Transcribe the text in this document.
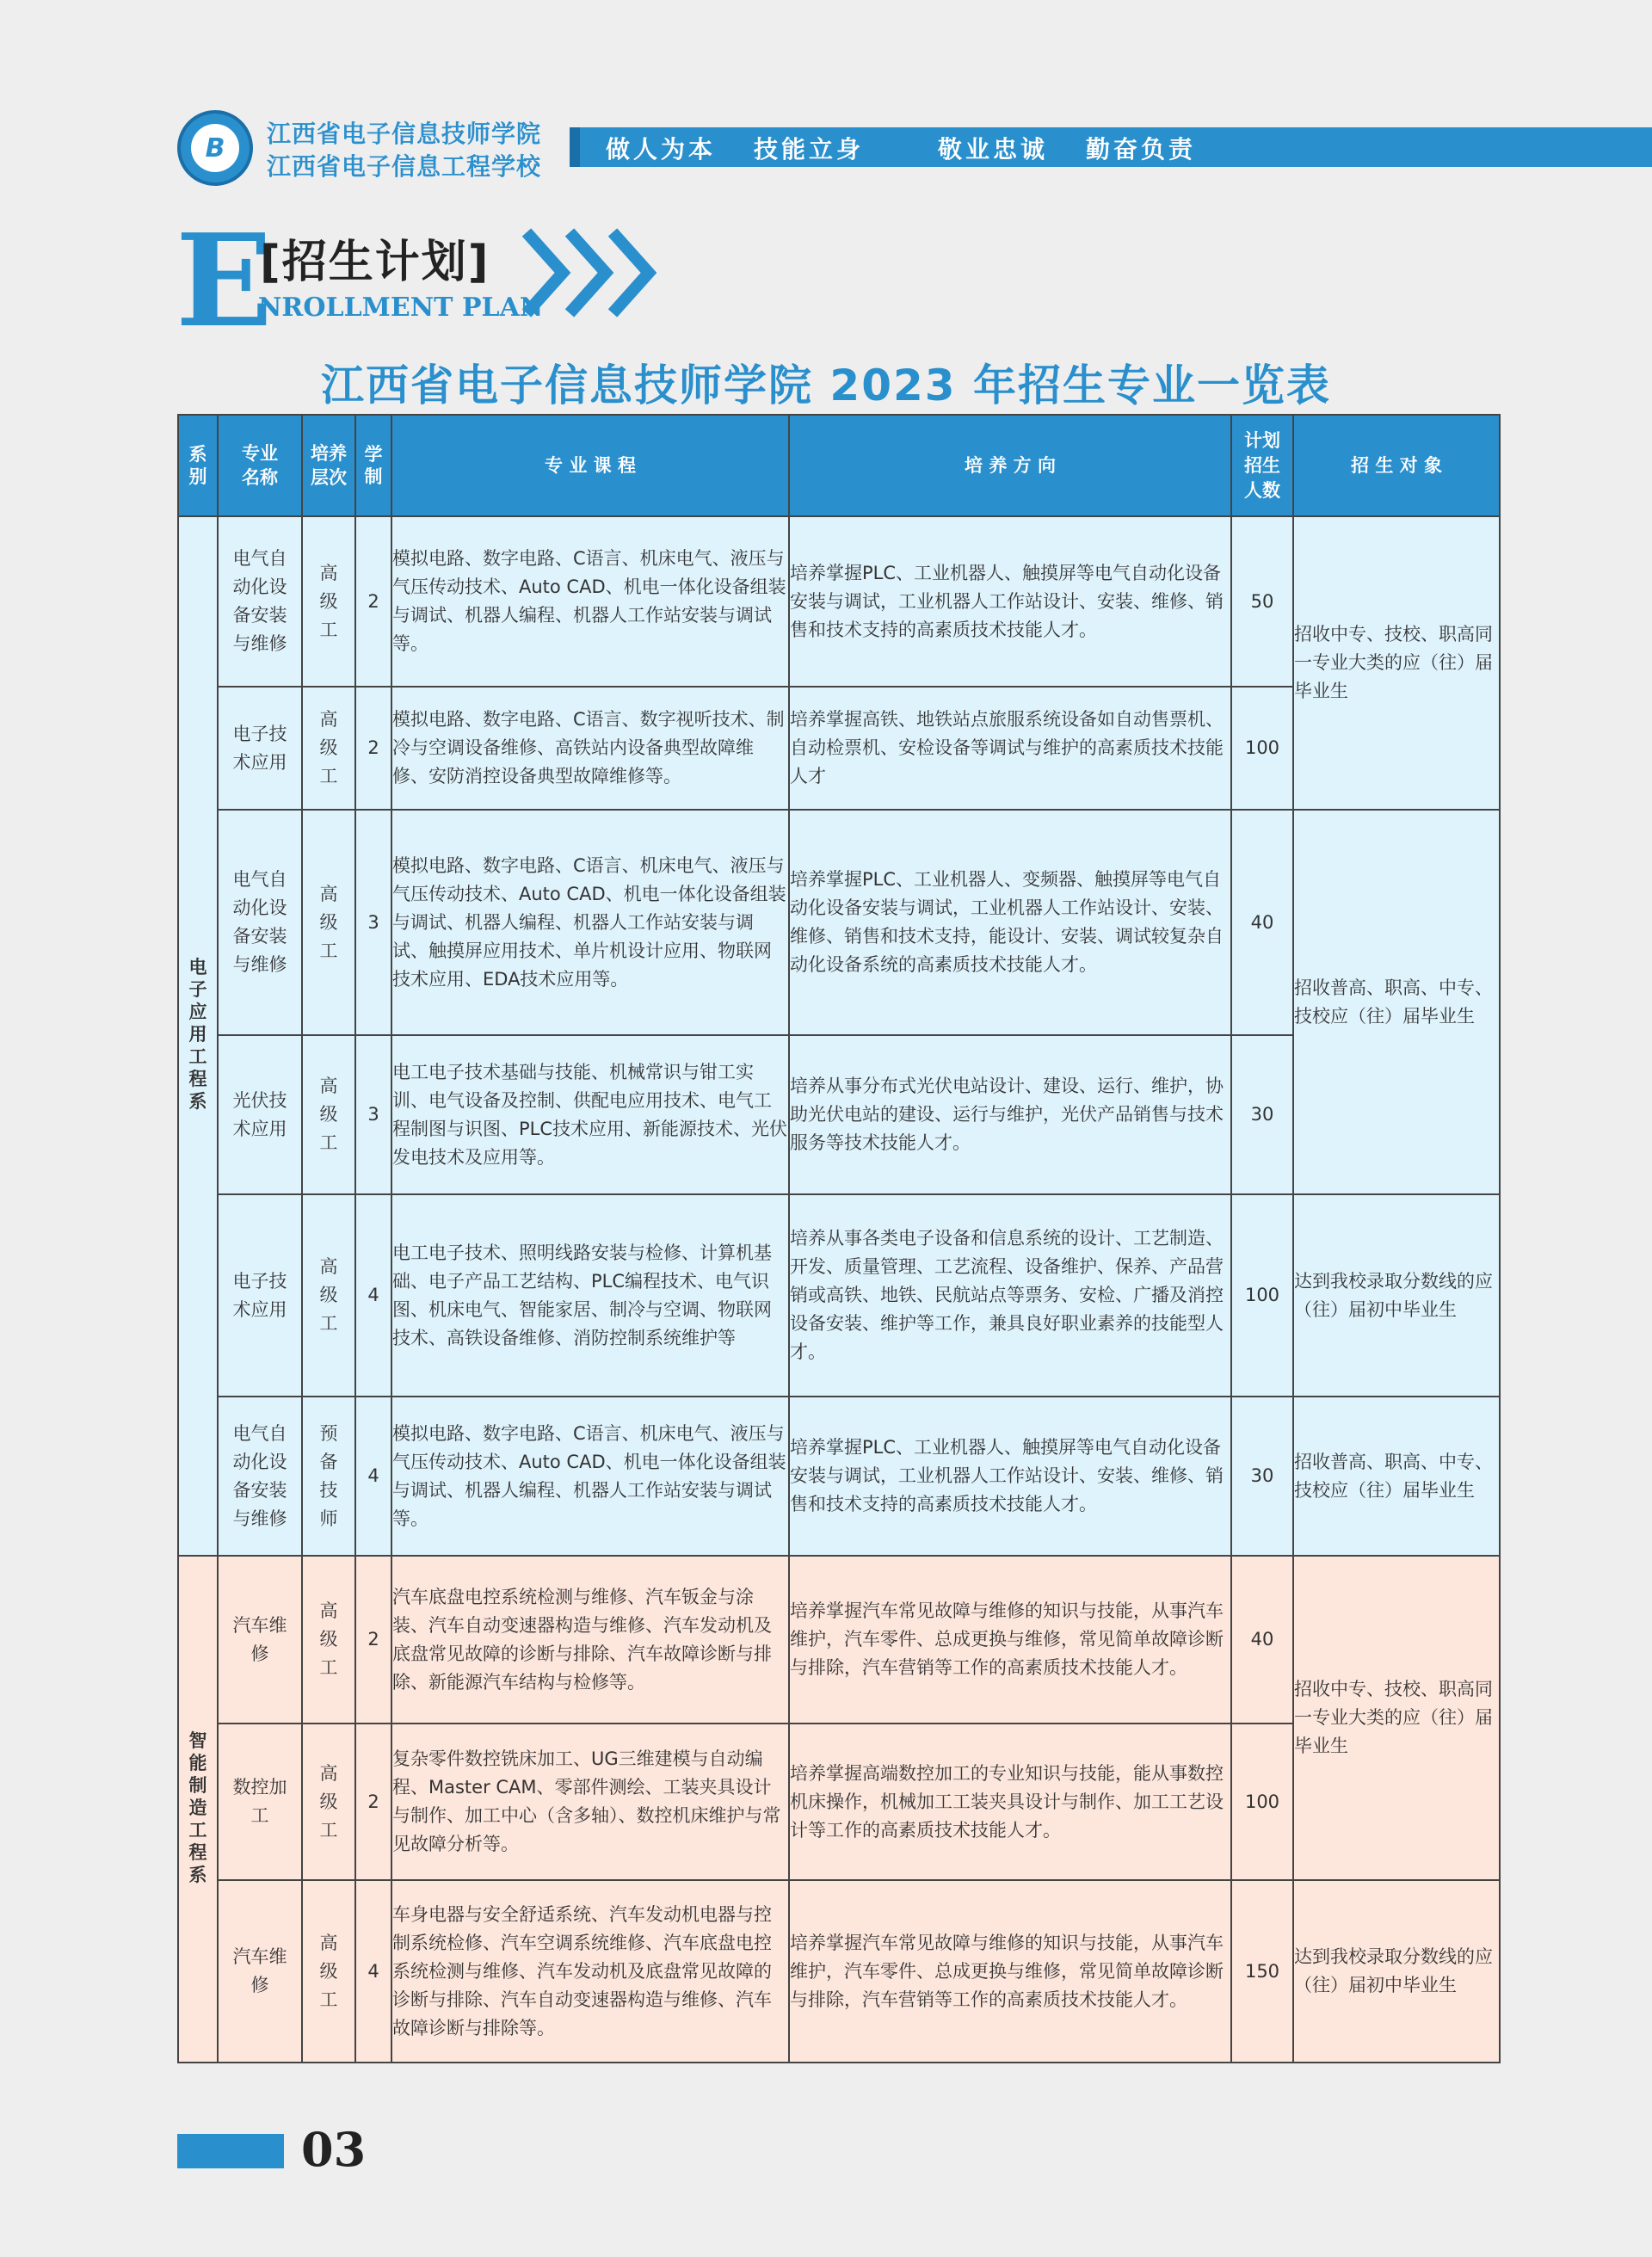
B	江西省电子信息技师学院
江西省电子信息工程学校
做人为本 技能立身	敬业忠诚 勤奋负责
E
[招生计划]
NROLLMENT PLAN
江西省电子信息技师学院 2023 年招生专业一览表
系别	专业名称	培养层次	学制	专 业 课 程	培 养 方 向	计划招生人数	招 生 对 象
电子应用工程系	电气自动化设备安装与维修	高级工	2	模拟电路、数字电路、C语言、机床电气、液压与气压传动技术、Auto CAD、机电一体化设备组装与调试、机器人编程、机器人工作站安装与调试等。	培养掌握PLC、工业机器人、触摸屏等电气自动化设备安装与调试，工业机器人工作站设计、安装、维修、销售和技术支持的高素质技术技能人才。	50	招收中专、技校、职高同一专业大类的应（往）届毕业生
	电子技术应用	高级工	2	模拟电路、数字电路、C语言、数字视听技术、制冷与空调设备维修、高铁站内设备典型故障维修、安防消控设备典型故障维修等。	培养掌握高铁、地铁站点旅服系统设备如自动售票机、自动检票机、安检设备等调试与维护的高素质技术技能人才	100	
	电气自动化设备安装与维修	高级工	3	模拟电路、数字电路、C语言、机床电气、液压与气压传动技术、Auto CAD、机电一体化设备组装与调试、机器人编程、机器人工作站安装与调试、触摸屏应用技术、单片机设计应用、物联网技术应用、EDA技术应用等。	培养掌握PLC、工业机器人、变频器、触摸屏等电气自动化设备安装与调试，工业机器人工作站设计、安装、维修、销售和技术支持，能设计、安装、调试较复杂自动化设备系统的高素质技术技能人才。	40	招收普高、职高、中专、技校应（往）届毕业生
	光伏技术应用	高级工	3	电工电子技术基础与技能、机械常识与钳工实训、电气设备及控制、供配电应用技术、电气工程制图与识图、PLC技术应用、新能源技术、光伏发电技术及应用等。	培养从事分布式光伏电站设计、建设、运行、维护，协助光伏电站的建设、运行与维护，光伏产品销售与技术服务等技术技能人才。	30	
	电子技术应用	高级工	4	电工电子技术、照明线路安装与检修、计算机基础、电子产品工艺结构、PLC编程技术、电气识图、机床电气、智能家居、制冷与空调、物联网技术、高铁设备维修、消防控制系统维护等	培养从事各类电子设备和信息系统的设计、工艺制造、开发、质量管理、工艺流程、设备维护、保养、产品营销或高铁、地铁、民航站点等票务、安检、广播及消控设备安装、维护等工作，兼具良好职业素养的技能型人才。	100	达到我校录取分数线的应（往）届初中毕业生
	电气自动化设备安装与维修	预备技师	4	模拟电路、数字电路、C语言、机床电气、液压与气压传动技术、Auto CAD、机电一体化设备组装与调试、机器人编程、机器人工作站安装与调试等。	培养掌握PLC、工业机器人、触摸屏等电气自动化设备安装与调试，工业机器人工作站设计、安装、维修、销售和技术支持的高素质技术技能人才。	30	招收普高、职高、中专、技校应（往）届毕业生
智能制造工程系	汽车维修	高级工	2	汽车底盘电控系统检测与维修、汽车钣金与涂装、汽车自动变速器构造与维修、汽车发动机及底盘常见故障的诊断与排除、汽车故障诊断与排除、新能源汽车结构与检修等。	培养掌握汽车常见故障与维修的知识与技能，从事汽车维护，汽车零件、总成更换与维修，常见简单故障诊断与排除，汽车营销等工作的高素质技术技能人才。	40	招收中专、技校、职高同一专业大类的应（往）届毕业生
	数控加工	高级工	2	复杂零件数控铣床加工、UG三维建模与自动编程、Master CAM、零部件测绘、工装夹具设计与制作、加工中心（含多轴）、数控机床维护与常见故障分析等。	培养掌握高端数控加工的专业知识与技能，能从事数控机床操作，机械加工工装夹具设计与制作、加工工艺设计等工作的高素质技术技能人才。	100	
	汽车维修	高级工	4	车身电器与安全舒适系统、汽车发动机电器与控制系统检修、汽车空调系统维修、汽车底盘电控系统检测与维修、汽车发动机及底盘常见故障的诊断与排除、汽车自动变速器构造与维修、汽车故障诊断与排除等。	培养掌握汽车常见故障与维修的知识与技能，从事汽车维护，汽车零件、总成更换与维修，常见简单故障诊断与排除，汽车营销等工作的高素质技术技能人才。	150	达到我校录取分数线的应（往）届初中毕业生
03
